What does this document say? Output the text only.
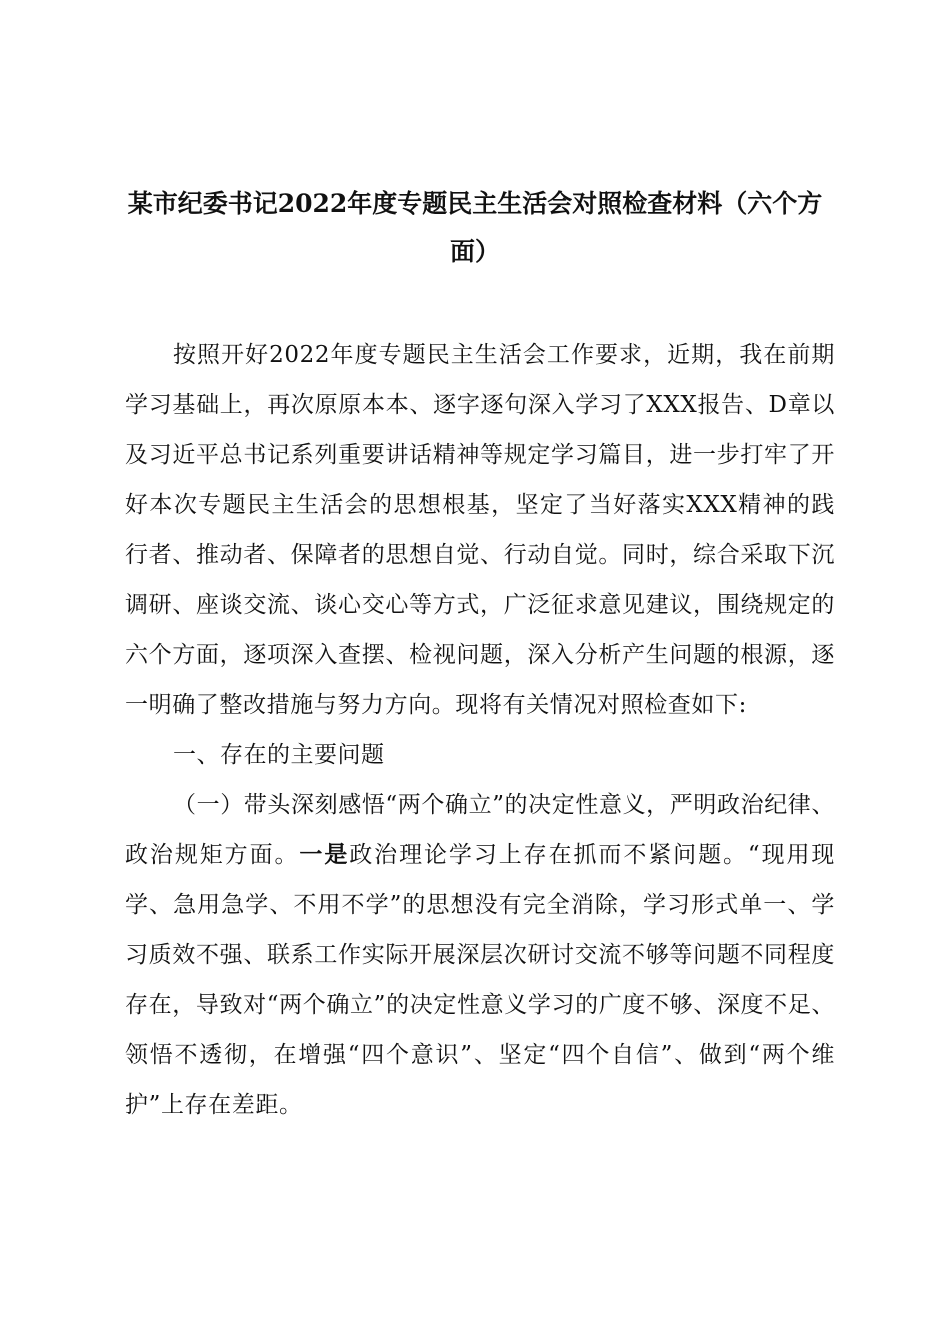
某市纪委书记2022年度专题民主生活会对照检查材料（六个方
面）

按照开好2022年度专题民主生活会工作要求，近期，我在前期学习基础上，再次原原本本、逐字逐句深入学习了XXX报告、D章以及习近平总书记系列重要讲话精神等规定学习篇目，进一步打牢了开好本次专题民主生活会的思想根基，坚定了当好落实XXX精神的践行者、推动者、保障者的思想自觉、行动自觉。同时，综合采取下沉调研、座谈交流、谈心交心等方式，广泛征求意见建议，围绕规定的六个方面，逐项深入查摆、检视问题，深入分析产生问题的根源，逐一明确了整改措施与努力方向。现将有关情况对照检查如下:

一、存在的主要问题

（一）带头深刻感悟“两个确立”的决定性意义，严明政治纪律、政治规矩方面。一是政治理论学习上存在抓而不紧问题。“现用现学、急用急学、不用不学”的思想没有完全消除，学习形式单一、学习质效不强、联系工作实际开展深层次研讨交流不够等问题不同程度存在，导致对“两个确立”的决定性意义学习的广度不够、深度不足、领悟不透彻，在增强“四个意识”、坚定“四个自信”、做到“两个维护”上存在差距。
